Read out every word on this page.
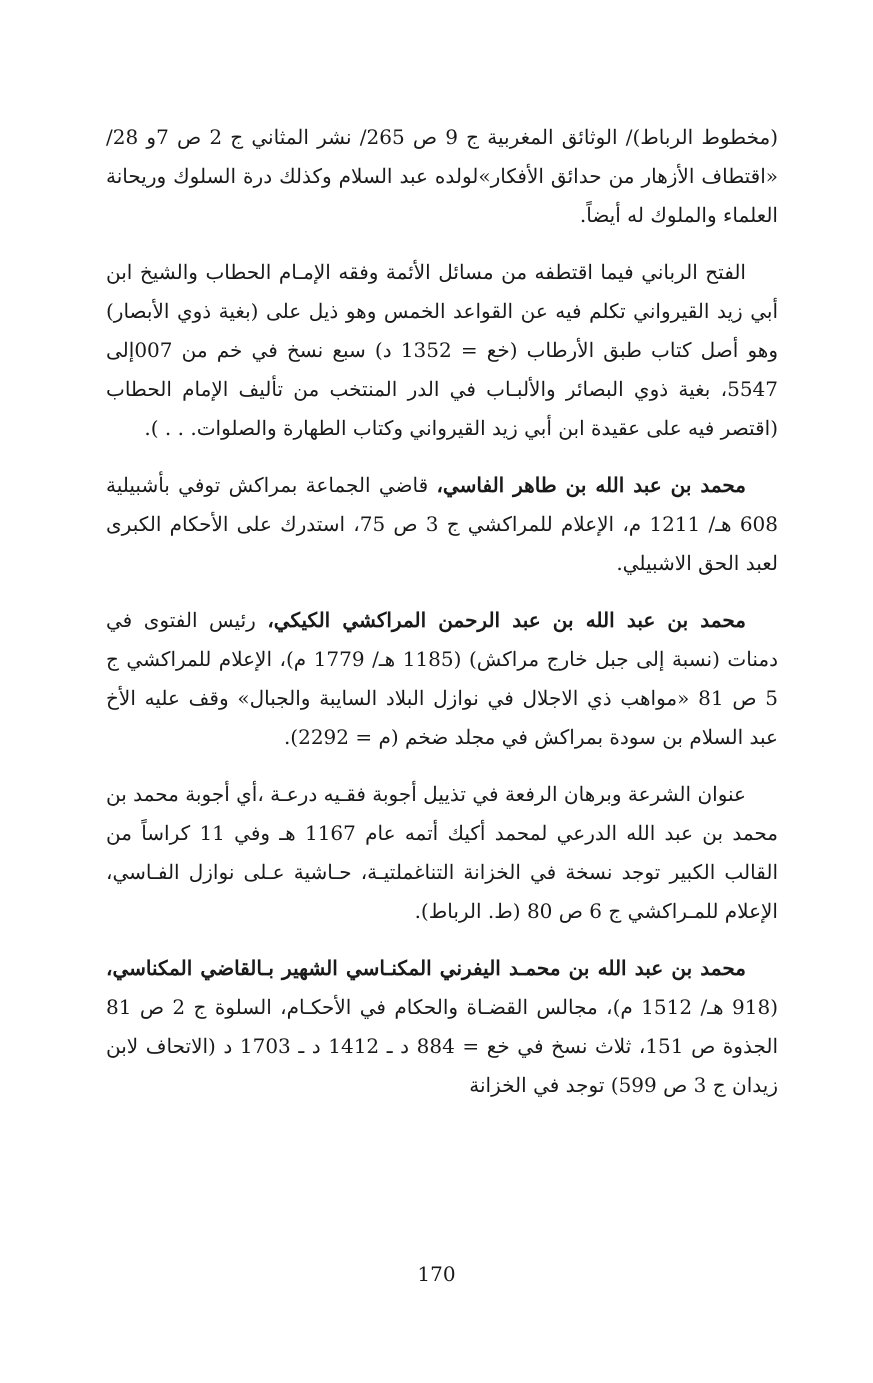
(مخطوط الرباط)/ الوثائق المغربية ج 9 ص 265/ نشر المثاني ج 2 ص 7و 28/ «اقتطاف الأزهار من حدائق الأفكار»لولده عبد السلام وكذلك درة السلوك وريحانة العلماء والملوك له أيضاً.

الفتح الرباني فيما اقتطفه من مسائل الأئمة وفقه الإمـام الحطاب والشيخ ابن أبي زيد القيرواني تكلم فيه عن القواعد الخمس وهو ذيل على (بغية ذوي الأبصار) وهو أصل كتاب طبق الأرطاب (خع = 1352 د) سبع نسخ في خم من 007إلى 5547، بغية ذوي البصائر والألبـاب في الدر المنتخب من تأليف الإمام الحطاب (اقتصر فيه على عقيدة ابن أبي زيد القيرواني وكتاب الطهارة والصلوات. . . ).

محمد بن عبد الله بن طاهر الفاسي، قاضي الجماعة بمراكش توفي بأشبيلية 608 هـ/ 1211 م، الإعلام للمراكشي ج 3 ص 75، استدرك على الأحكام الكبرى لعبد الحق الاشبيلي.

محمد بن عبد الله بن عبد الرحمن المراكشي الكيكي، رئيس الفتوى في دمنات (نسبة إلى جبل خارج مراكش) (1185 هـ/ 1779 م)، الإعلام للمراكشي ج 5 ص 81 «مواهب ذي الاجلال في نوازل البلاد السايبة والجبال» وقف عليه الأخ عبد السلام بن سودة بمراكش في مجلد ضخم (م = 2292).

عنوان الشرعة وبرهان الرفعة في تذييل أجوبة فقـيه درعـة ،أي أجوبة محمد بن محمد بن عبد الله الدرعي لمحمد أكيك أتمه عام 1167 هـ وفي 11 كراساً من القالب الكبير توجد نسخة في الخزانة التناغملتيـة، حـاشية عـلى نوازل الفـاسي، الإعلام للمـراكشي ج 6 ص 80 (ط. الرباط).

محمد بن عبد الله بن محمـد اليفرني المكنـاسي الشهير بـالقاضي المكناسي، (918 هـ/ 1512 م)، مجالس القضـاة والحكام في الأحكـام، السلوة ج 2 ص 81 الجذوة ص 151، ثلاث نسخ في خع = 884 د ـ 1412 د ـ 1703 د (الاتحاف لابن زيدان ج 3 ص 599) توجد في الخزانة

170
